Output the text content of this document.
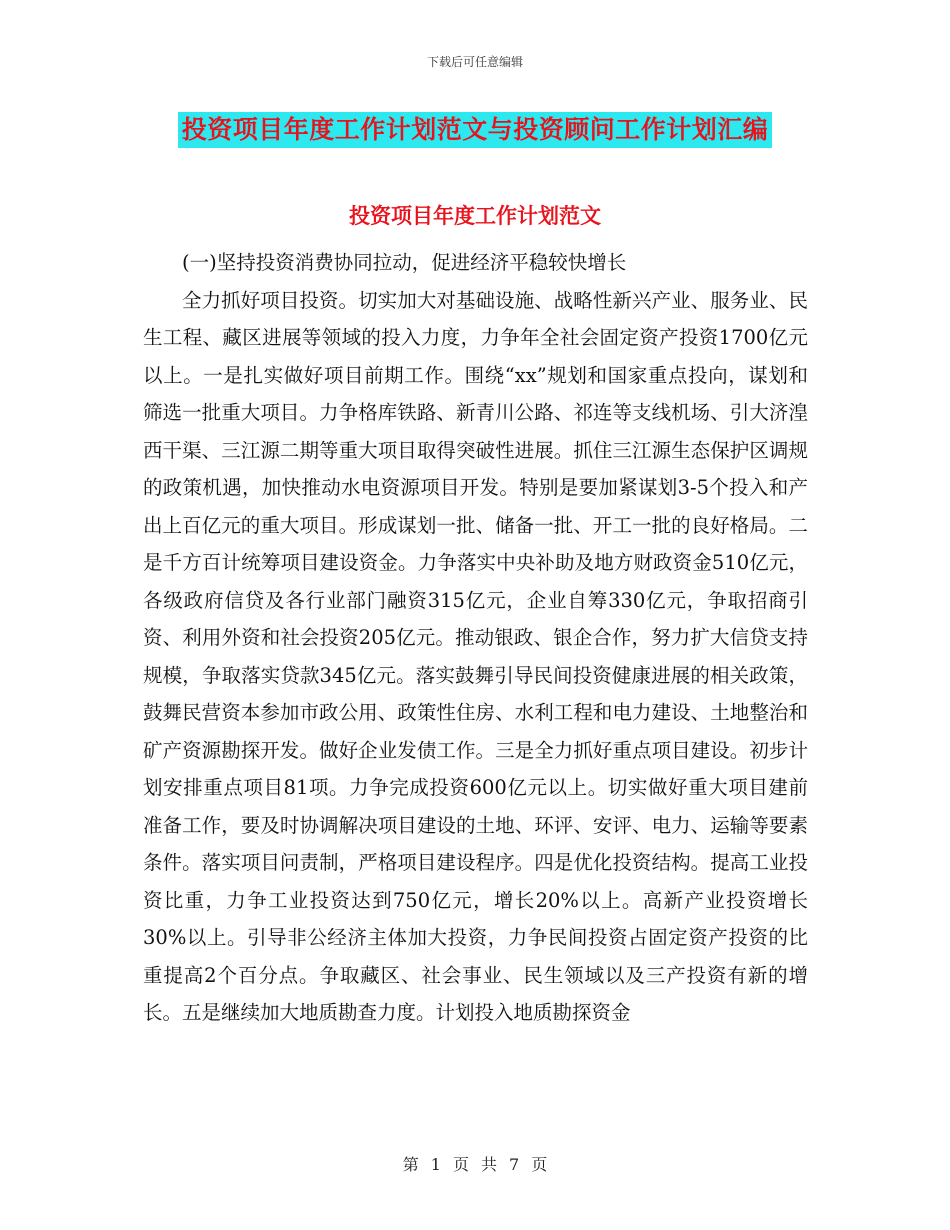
下载后可任意编辑
投资项目年度工作计划范文与投资顾问工作计划汇编
投资项目年度工作计划范文

(一)坚持投资消费协同拉动，促进经济平稳较快增长

全力抓好项目投资。切实加大对基础设施、战略性新兴产业、服务业、民生工程、藏区进展等领域的投入力度，力争年全社会固定资产投资1700亿元以上。一是扎实做好项目前期工作。围绕“xx”规划和国家重点投向，谋划和筛选一批重大项目。力争格库铁路、新青川公路、祁连等支线机场、引大济湟西干渠、三江源二期等重大项目取得突破性进展。抓住三江源生态保护区调规的政策机遇，加快推动水电资源项目开发。特别是要加紧谋划3-5个投入和产出上百亿元的重大项目。形成谋划一批、储备一批、开工一批的良好格局。二是千方百计统筹项目建设资金。力争落实中央补助及地方财政资金510亿元，各级政府信贷及各行业部门融资315亿元，企业自筹330亿元，争取招商引资、利用外资和社会投资205亿元。推动银政、银企合作，努力扩大信贷支持规模，争取落实贷款345亿元。落实鼓舞引导民间投资健康进展的相关政策，鼓舞民营资本参加市政公用、政策性住房、水利工程和电力建设、土地整治和矿产资源勘探开发。做好企业发债工作。三是全力抓好重点项目建设。初步计划安排重点项目81项。力争完成投资600亿元以上。切实做好重大项目建前准备工作，要及时协调解决项目建设的土地、环评、安评、电力、运输等要素条件。落实项目问责制，严格项目建设程序。四是优化投资结构。提高工业投资比重，力争工业投资达到750亿元，增长20%以上。高新产业投资增长30%以上。引导非公经济主体加大投资，力争民间投资占固定资产投资的比重提高2个百分点。争取藏区、社会事业、民生领域以及三产投资有新的增长。五是继续加大地质勘查力度。计划投入地质勘探资金

第 1 页 共 7 页
